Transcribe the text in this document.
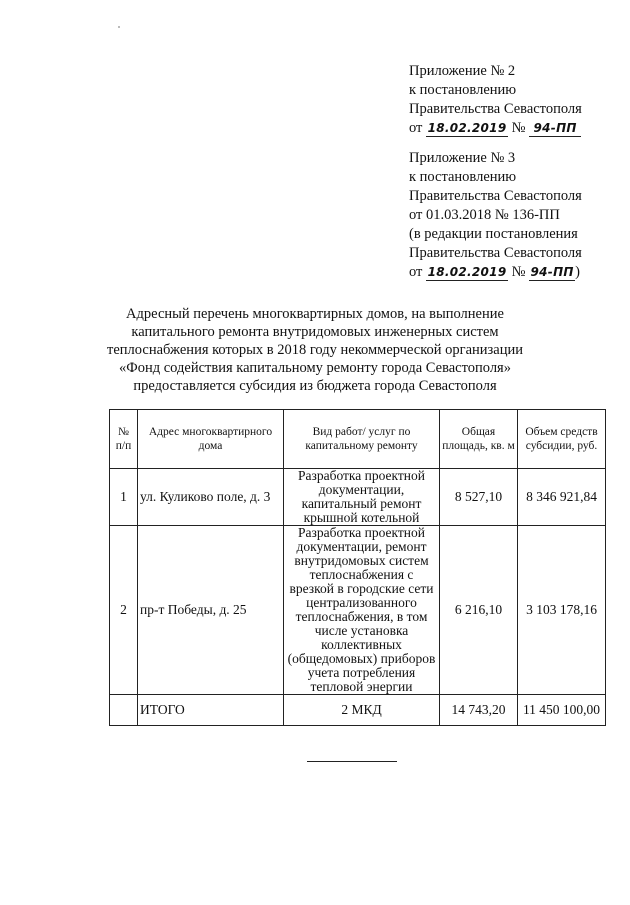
Приложение № 2
к постановлению
Правительства Севастополя
от 18.02.2019 № 94-ПП
Приложение № 3
к постановлению
Правительства Севастополя
от 01.03.2018 № 136-ПП
(в редакции постановления
Правительства Севастополя
от 18.02.2019 № 94-ПП)
Адресный перечень многоквартирных домов, на выполнение капитального ремонта внутридомовых инженерных систем теплоснабжения которых в 2018 году некоммерческой организации «Фонд содействия капитальному ремонту города Севастополя» предоставляется субсидия из бюджета города Севастополя
№ п/п	Адрес многоквартирного дома	Вид работ/ услуг по капитальному ремонту	Общая площадь, кв. м	Объем средств субсидии, руб.
1	ул. Куликово поле, д. 3	Разработка проектной документации, капитальный ремонт крышной котельной	8 527,10	8 346 921,84
2	пр-т Победы, д. 25	Разработка проектной документации, ремонт внутридомовых систем теплоснабжения с врезкой в городские сети централизованного теплоснабжения, в том числе установка коллективных (общедомовых) приборов учета потребления тепловой энергии	6 216,10	3 103 178,16
	ИТОГО	2 МКД	14 743,20	11 450 100,00
